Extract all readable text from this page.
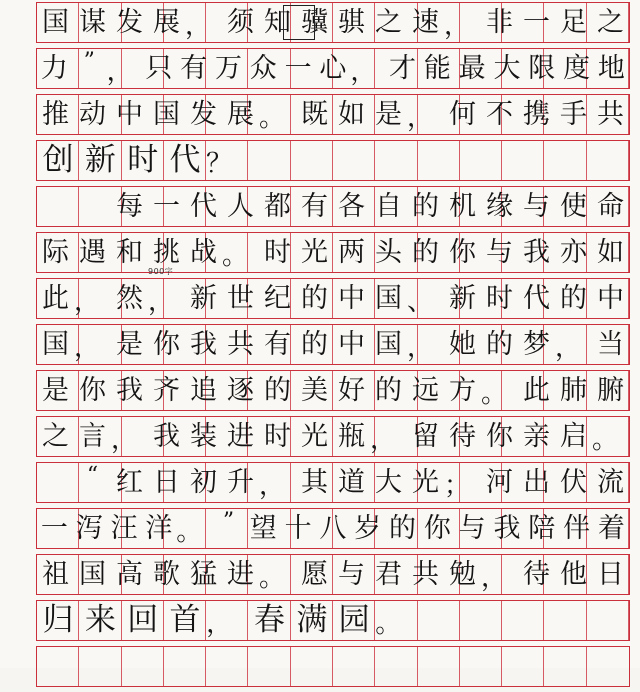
国 谋 发 展 ， 须 知 骥 骐 之 速 ， 非 一 足 之
力 ” ， 只 有 万 众 一 心 ， 才 能 最 大 限 度 地
推 动 中 国 发 展 。 既 如 是 ， 何 不 携 手 共
创 新 时 代 ？
每 一 代 人 都 有 各 自 的 机 缘 与 使 命
际 遇 和 挑 战 。 时 光 两 头 的 你 与 我 亦 如
此 ， 然 ， 新 世 纪 的 中 国 、 新 时 代 的 中
国 ， 是 你 我 共 有 的 中 国 ， 她 的 梦 ， 当
是 你 我 齐 追 逐 的 美 好 的 远 方 。 此 肺 腑
之 言 ， 我 装 进 时 光 瓶 ， 留 待 你 亲 启 。
“ 红 日 初 升 ， 其 道 大 光 ； 河 出 伏 流
一 泻 汪 洋 。 ” 望 十 八 岁 的 你 与 我 陪 伴 着
祖 国 高 歌 猛 进 。 愿 与 君 共 勉 ， 待 他 日
归 来 回 首 ， 春 满 园 。
900字
